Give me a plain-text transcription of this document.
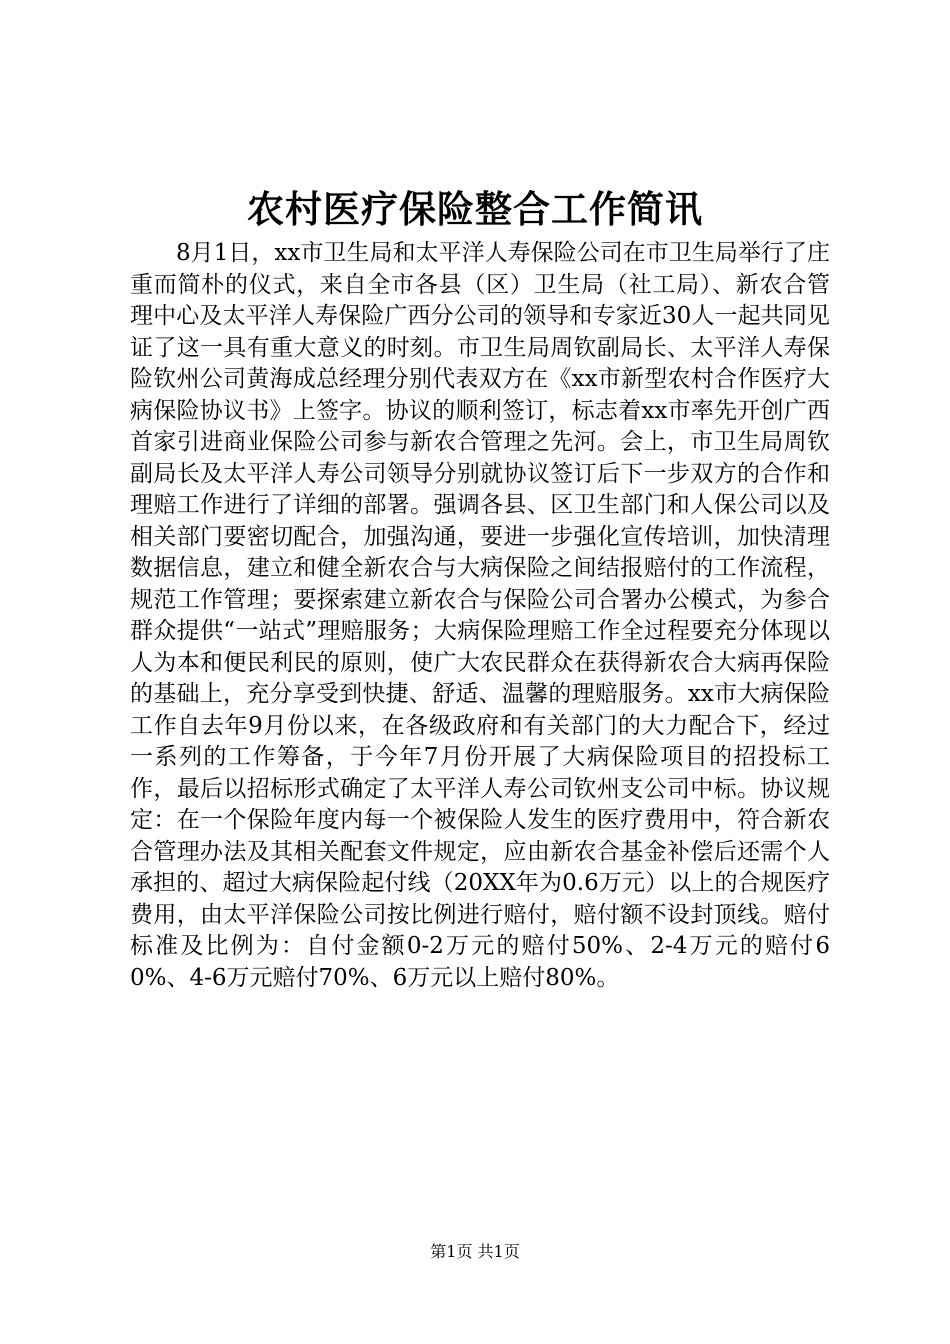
农村医疗保险整合工作简讯

8月1日，xx市卫生局和太平洋人寿保险公司在市卫生局举行了庄重而简朴的仪式，来自全市各县（区）卫生局（社工局）、新农合管理中心及太平洋人寿保险广西分公司的领导和专家近30人一起共同见证了这一具有重大意义的时刻。市卫生局周钦副局长、太平洋人寿保险钦州公司黄海成总经理分别代表双方在《xx市新型农村合作医疗大病保险协议书》上签字。协议的顺利签订，标志着xx市率先开创广西首家引进商业保险公司参与新农合管理之先河。会上，市卫生局周钦副局长及太平洋人寿公司领导分别就协议签订后下一步双方的合作和理赔工作进行了详细的部署。强调各县、区卫生部门和人保公司以及相关部门要密切配合，加强沟通，要进一步强化宣传培训，加快清理数据信息，建立和健全新农合与大病保险之间结报赔付的工作流程，规范工作管理；要探索建立新农合与保险公司合署办公模式，为参合群众提供“一站式”理赔服务；大病保险理赔工作全过程要充分体现以人为本和便民利民的原则，使广大农民群众在获得新农合大病再保险的基础上，充分享受到快捷、舒适、温馨的理赔服务。xx市大病保险工作自去年9月份以来，在各级政府和有关部门的大力配合下，经过一系列的工作筹备，于今年7月份开展了大病保险项目的招投标工作，最后以招标形式确定了太平洋人寿公司钦州支公司中标。协议规定：在一个保险年度内每一个被保险人发生的医疗费用中，符合新农合管理办法及其相关配套文件规定，应由新农合基金补偿后还需个人承担的、超过大病保险起付线（20XX年为0.6万元）以上的合规医疗费用，由太平洋保险公司按比例进行赔付，赔付额不设封顶线。赔付标准及比例为：自付金额0-2万元的赔付50%、2-4万元的赔付60%、4-6万元赔付70%、6万元以上赔付80%。

第1页 共1页
